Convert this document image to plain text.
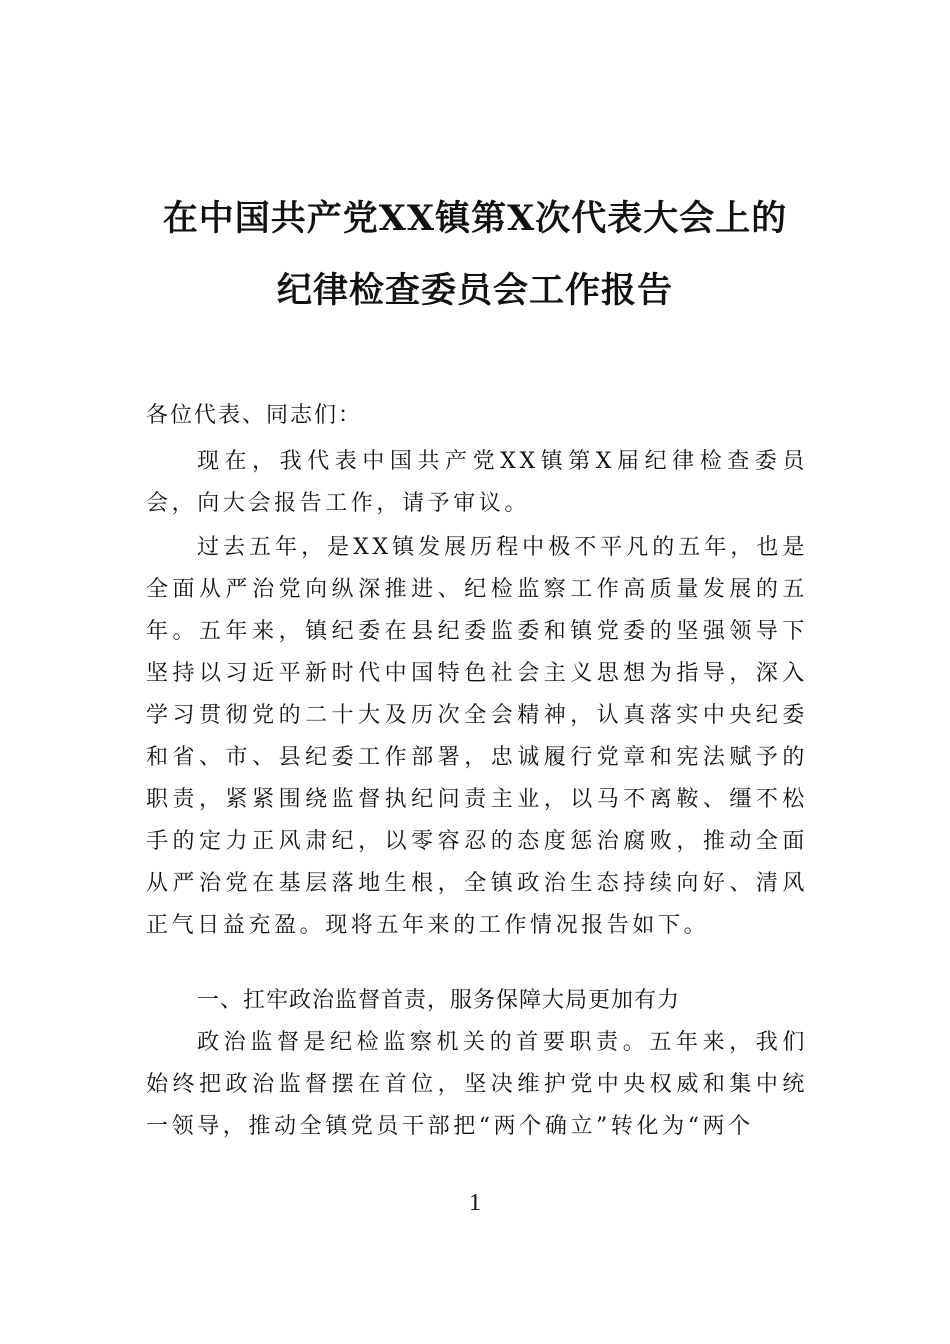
在中国共产党XX镇第X次代表大会上的
纪律检查委员会工作报告
各位代表、同志们：
现在，我代表中国共产党XX镇第X届纪律检查委员会，向大会报告工作，请予审议。
过去五年，是XX镇发展历程中极不平凡的五年，也是全面从严治党向纵深推进、纪检监察工作高质量发展的五年。五年来，镇纪委在县纪委监委和镇党委的坚强领导下坚持以习近平新时代中国特色社会主义思想为指导，深入学习贯彻党的二十大及历次全会精神，认真落实中央纪委和省、市、县纪委工作部署，忠诚履行党章和宪法赋予的职责，紧紧围绕监督执纪问责主业，以马不离鞍、缰不松手的定力正风肃纪，以零容忍的态度惩治腐败，推动全面从严治党在基层落地生根，全镇政治生态持续向好、清风正气日益充盈。现将五年来的工作情况报告如下。
一、扛牢政治监督首责，服务保障大局更加有力
政治监督是纪检监察机关的首要职责。五年来，我们始终把政治监督摆在首位，坚决维护党中央权威和集中统一领导，推动全镇党员干部把“两个确立”转化为“两个
1
